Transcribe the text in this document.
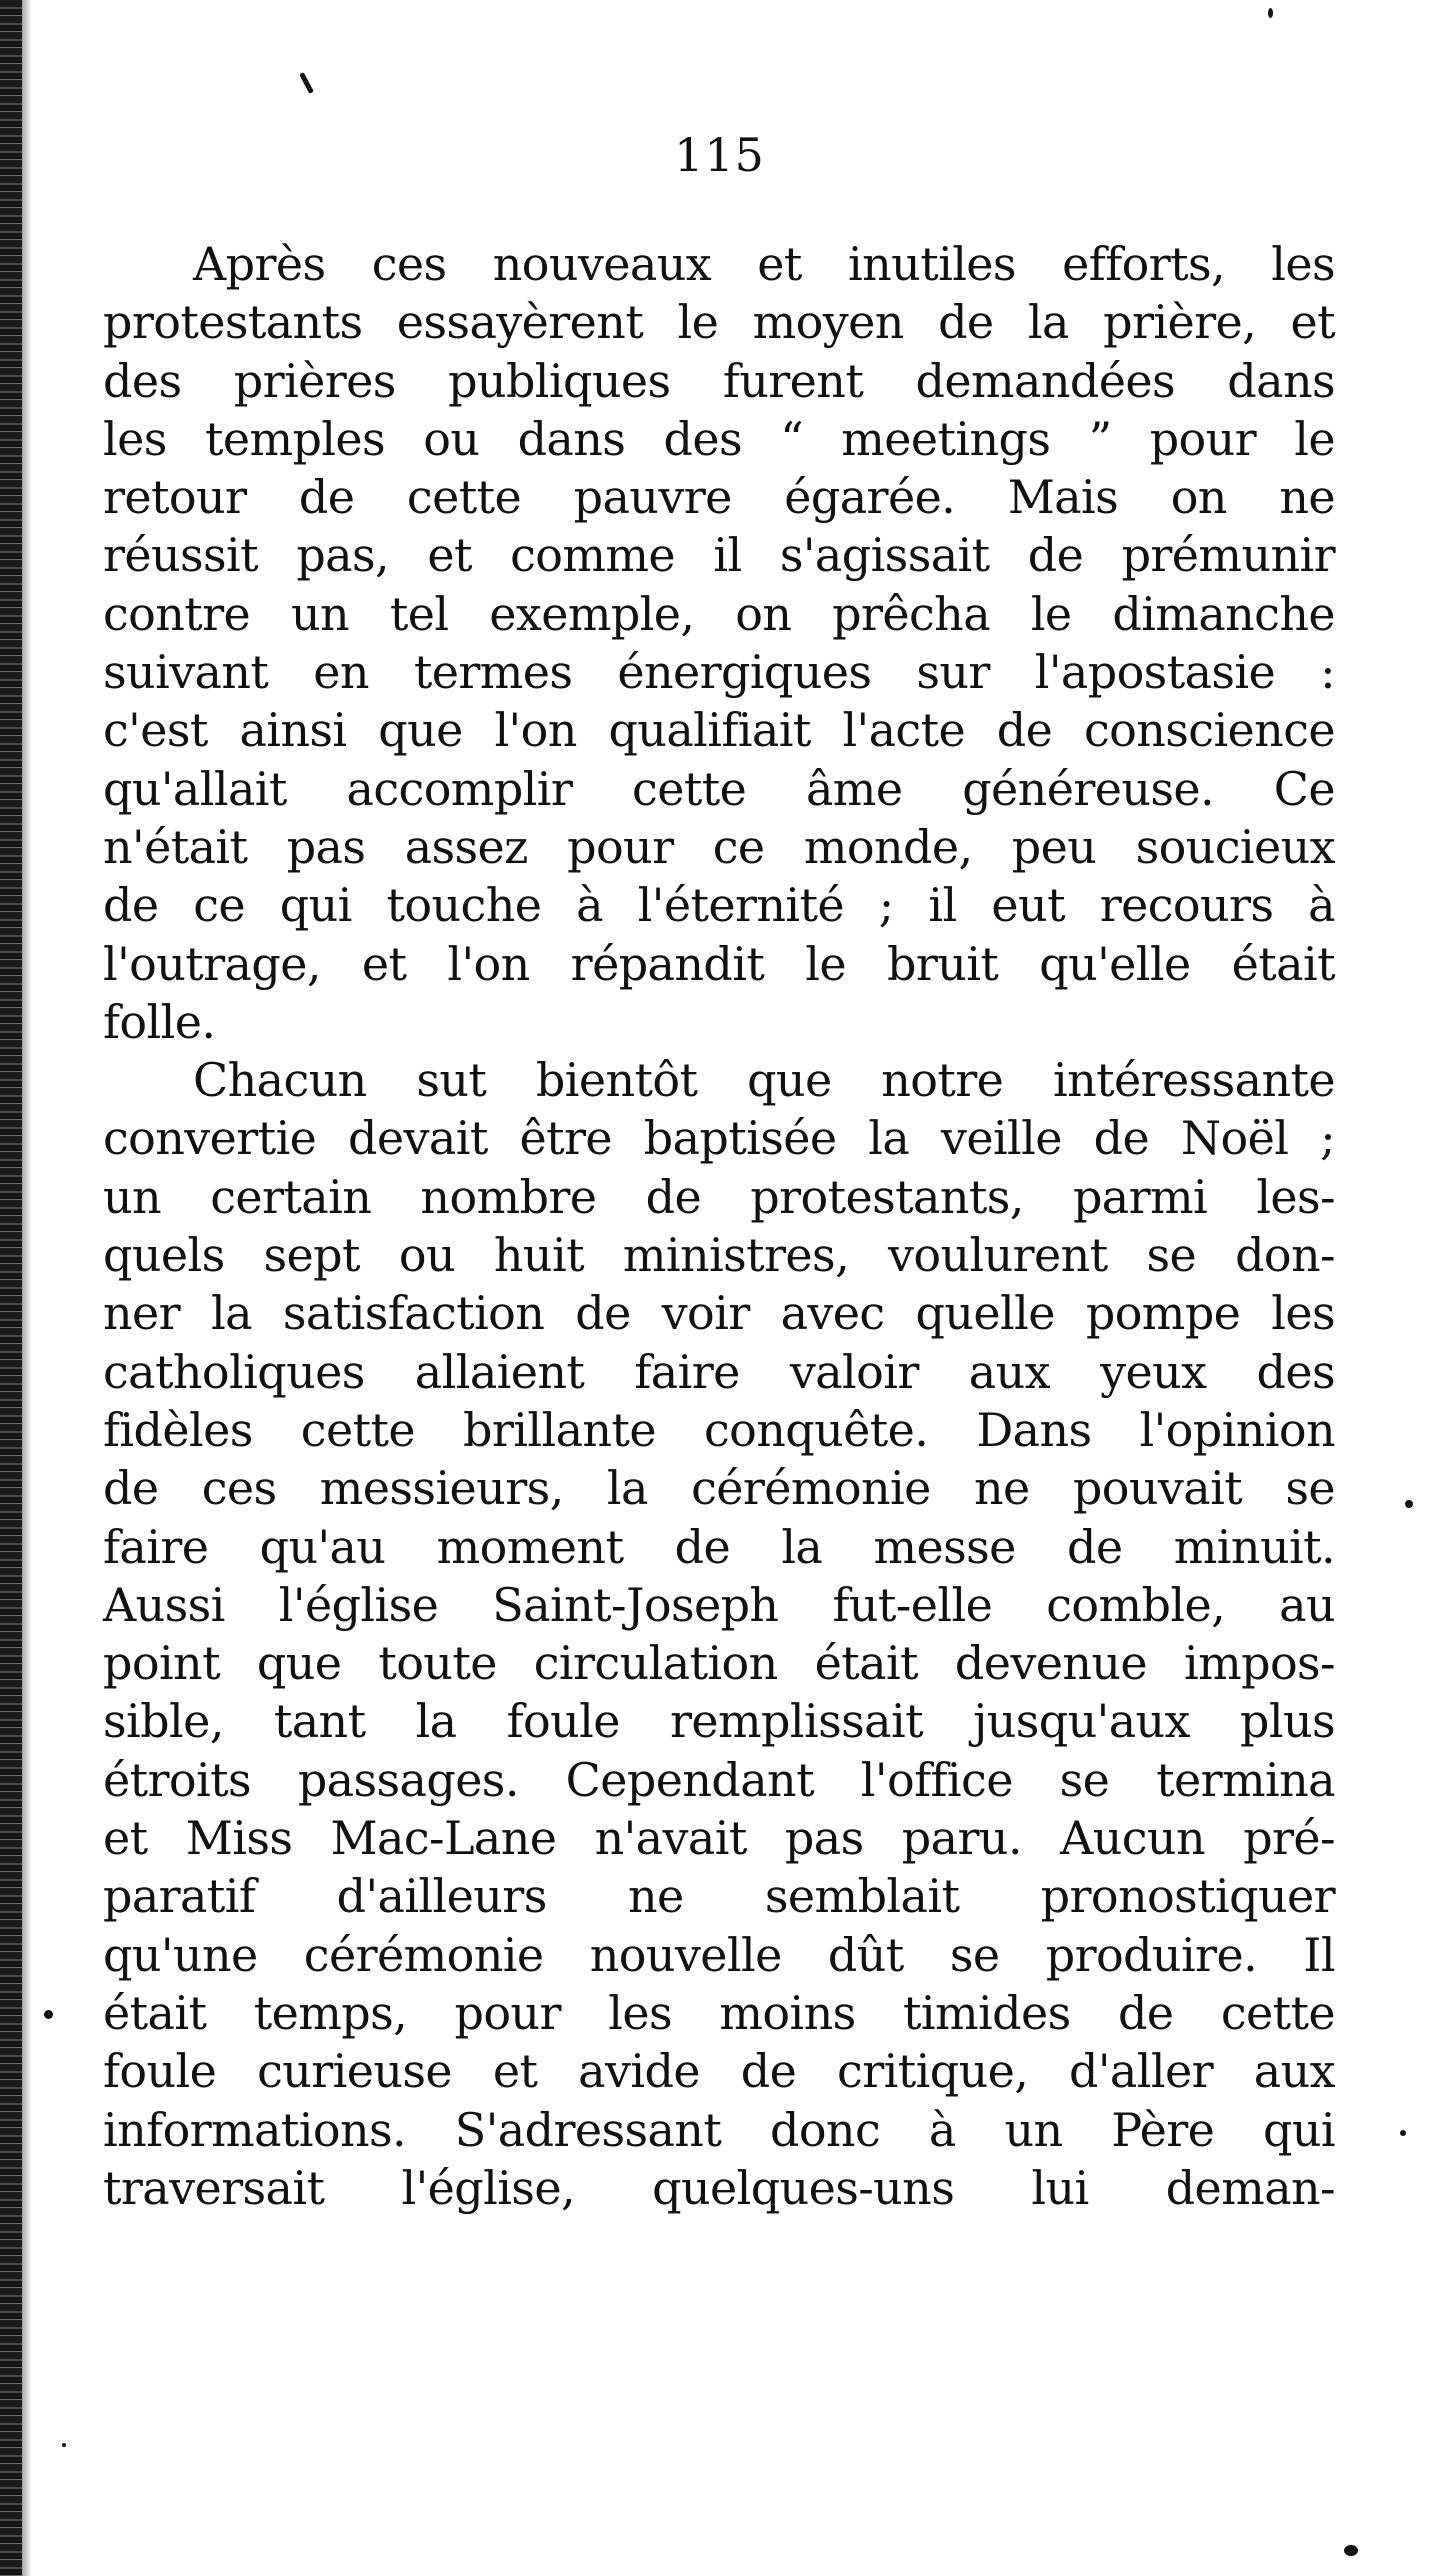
115
Après ces nouveaux et inutiles efforts, les
protestants essayèrent le moyen de la prière, et
des prières publiques furent demandées dans
les temples ou dans des “ meetings ” pour le
retour de cette pauvre égarée. Mais on ne
réussit pas, et comme il s'agissait de prémunir
contre un tel exemple, on prêcha le dimanche
suivant en termes énergiques sur l'apostasie :
c'est ainsi que l'on qualifiait l'acte de conscience
qu'allait accomplir cette âme généreuse. Ce
n'était pas assez pour ce monde, peu soucieux
de ce qui touche à l'éternité ; il eut recours à
l'outrage, et l'on répandit le bruit qu'elle était
folle.
Chacun sut bientôt que notre intéressante
convertie devait être baptisée la veille de Noël ;
un certain nombre de protestants, parmi les-
quels sept ou huit ministres, voulurent se don-
ner la satisfaction de voir avec quelle pompe les
catholiques allaient faire valoir aux yeux des
fidèles cette brillante conquête. Dans l'opinion
de ces messieurs, la cérémonie ne pouvait se
faire qu'au moment de la messe de minuit.
Aussi l'église Saint-Joseph fut-elle comble, au
point que toute circulation était devenue impos-
sible, tant la foule remplissait jusqu'aux plus
étroits passages. Cependant l'office se termina
et Miss Mac-Lane n'avait pas paru. Aucun pré-
paratif d'ailleurs ne semblait pronostiquer
qu'une cérémonie nouvelle dût se produire. Il
était temps, pour les moins timides de cette
foule curieuse et avide de critique, d'aller aux
informations. S'adressant donc à un Père qui
traversait l'église, quelques-uns lui deman-
